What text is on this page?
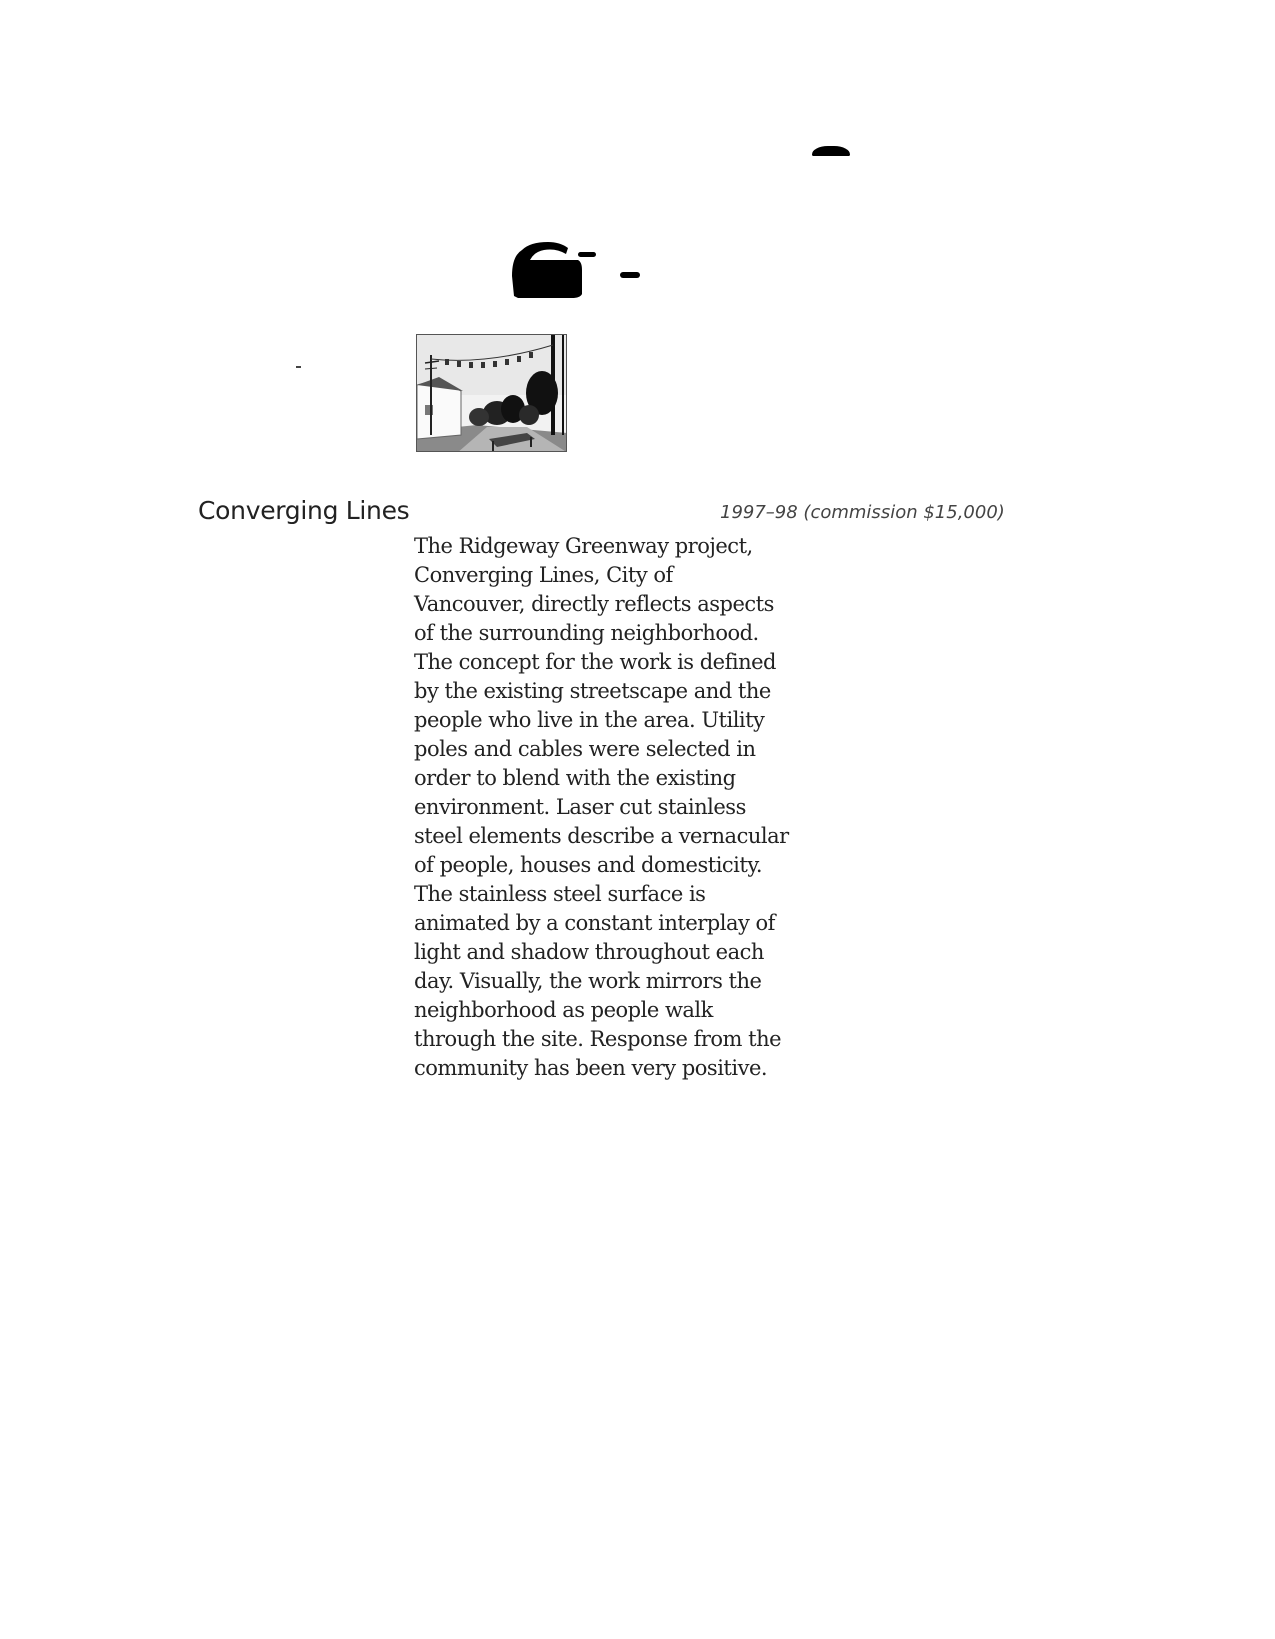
Converging Lines	1997–98 (commission $15,000)
The Ridgeway Greenway project,
Converging Lines, City of
Vancouver, directly reflects aspects
of the surrounding neighborhood.
The concept for the work is defined
by the existing streetscape and the
people who live in the area. Utility
poles and cables were selected in
order to blend with the existing
environment. Laser cut stainless
steel elements describe a vernacular
of people, houses and domesticity.
The stainless steel surface is
animated by a constant interplay of
light and shadow throughout each
day. Visually, the work mirrors the
neighborhood as people walk
through the site. Response from the
community has been very positive.
